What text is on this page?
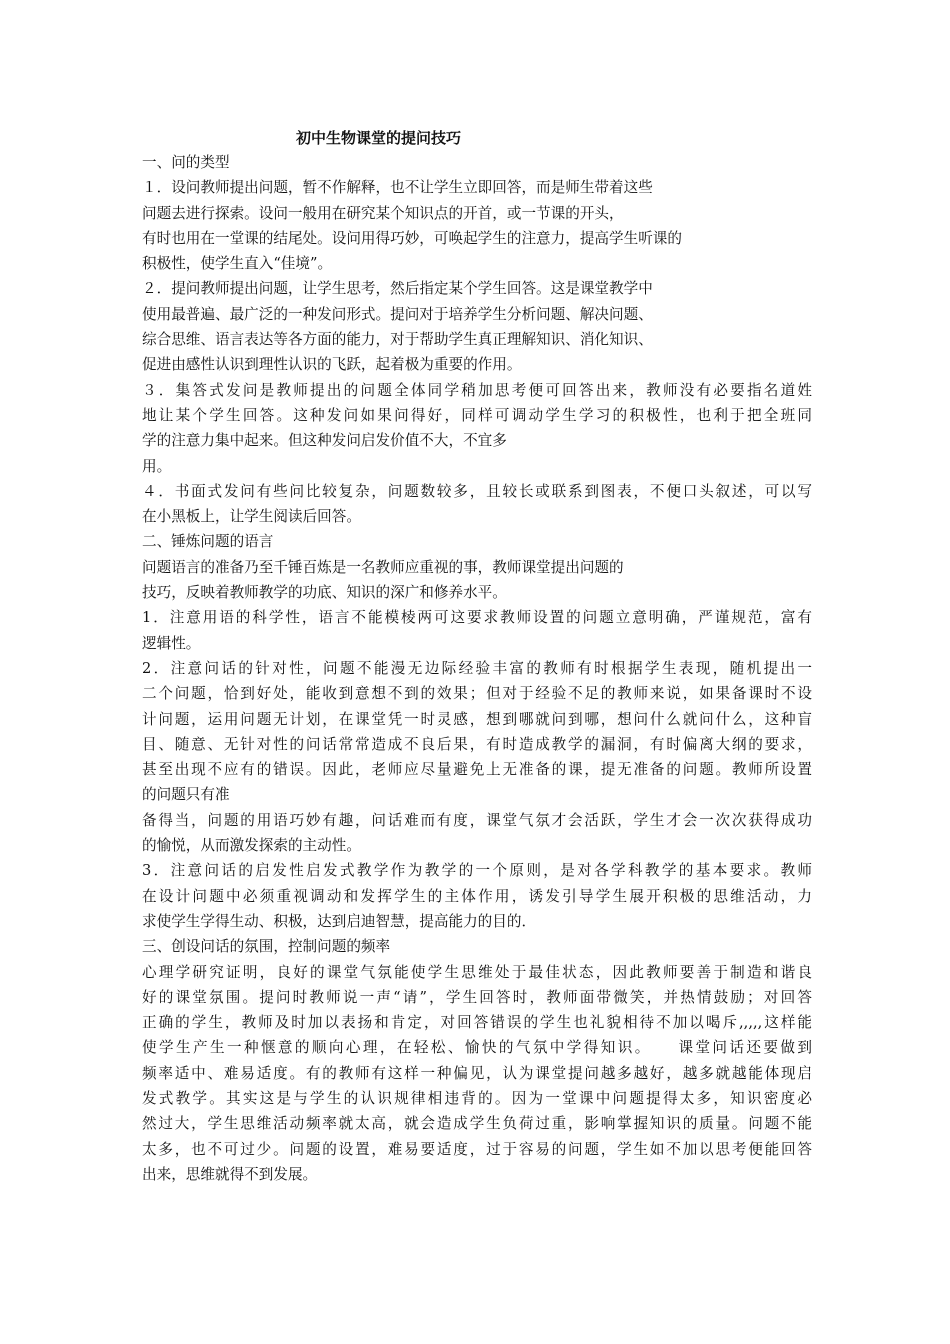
初中生物课堂的提问技巧
一、问的类型
１．设问教师提出问题，暂不作解释，也不让学生立即回答，而是师生带着这些
问题去进行探索。设问一般用在研究某个知识点的开首，或一节课的开头，
有时也用在一堂课的结尾处。设问用得巧妙，可唤起学生的注意力，提高学生听课的
积极性，使学生直入“佳境”。
２．提问教师提出问题，让学生思考，然后指定某个学生回答。这是课堂教学中
使用最普遍、最广泛的一种发问形式。提问对于培养学生分析问题、解决问题、
综合思维、语言表达等各方面的能力，对于帮助学生真正理解知识、消化知识、
促进由感性认识到理性认识的飞跃，起着极为重要的作用。
３．集答式发问是教师提出的问题全体同学稍加思考便可回答出来，教师没有必要指名道姓
地让某个学生回答。这种发问如果问得好，同样可调动学生学习的积极性，也利于把全班同
学的注意力集中起来。但这种发问启发价值不大，不宜多
用。
４．书面式发问有些问比较复杂，问题数较多，且较长或联系到图表，不便口头叙述，可以写
在小黑板上，让学生阅读后回答。
二、锤炼问题的语言
问题语言的准备乃至千锤百炼是一名教师应重视的事，教师课堂提出问题的
技巧，反映着教师教学的功底、知识的深广和修养水平。
1．注意用语的科学性，语言不能模棱两可这要求教师设置的问题立意明确，严谨规范，富有
逻辑性。
2．注意问话的针对性，问题不能漫无边际经验丰富的教师有时根据学生表现，随机提出一
二个问题，恰到好处，能收到意想不到的效果；但对于经验不足的教师来说，如果备课时不设
计问题，运用问题无计划，在课堂凭一时灵感，想到哪就问到哪，想问什么就问什么，这种盲
目、随意、无针对性的问话常常造成不良后果，有时造成教学的漏洞，有时偏离大纲的要求，
甚至出现不应有的错误。因此，老师应尽量避免上无准备的课，提无准备的问题。教师所设置
的问题只有准
备得当，问题的用语巧妙有趣，问话难而有度，课堂气氛才会活跃，学生才会一次次获得成功
的愉悦，从而激发探索的主动性。
3．注意问话的启发性启发式教学作为教学的一个原则，是对各学科教学的基本要求。教师
在设计问题中必须重视调动和发挥学生的主体作用，诱发引导学生展开积极的思维活动，力
求使学生学得生动、积极，达到启迪智慧，提高能力的目的．
三、创设问话的氛围，控制问题的频率
心理学研究证明，良好的课堂气氛能使学生思维处于最佳状态，因此教师要善于制造和谐良
好的课堂氛围。提问时教师说一声“请”，学生回答时，教师面带微笑，并热情鼓励；对回答
正确的学生，教师及时加以表扬和肯定，对回答错误的学生也礼貌相待不加以喝斥,,,,,这样能
使学生产生一种惬意的顺向心理，在轻松、愉快的气氛中学得知识。　　课堂问话还要做到
频率适中、难易适度。有的教师有这样一种偏见，认为课堂提问越多越好，越多就越能体现启
发式教学。其实这是与学生的认识规律相违背的。因为一堂课中问题提得太多，知识密度必
然过大，学生思维活动频率就太高，就会造成学生负荷过重，影响掌握知识的质量。问题不能
太多，也不可过少。问题的设置，难易要适度，过于容易的问题，学生如不加以思考便能回答
出来，思维就得不到发展。
